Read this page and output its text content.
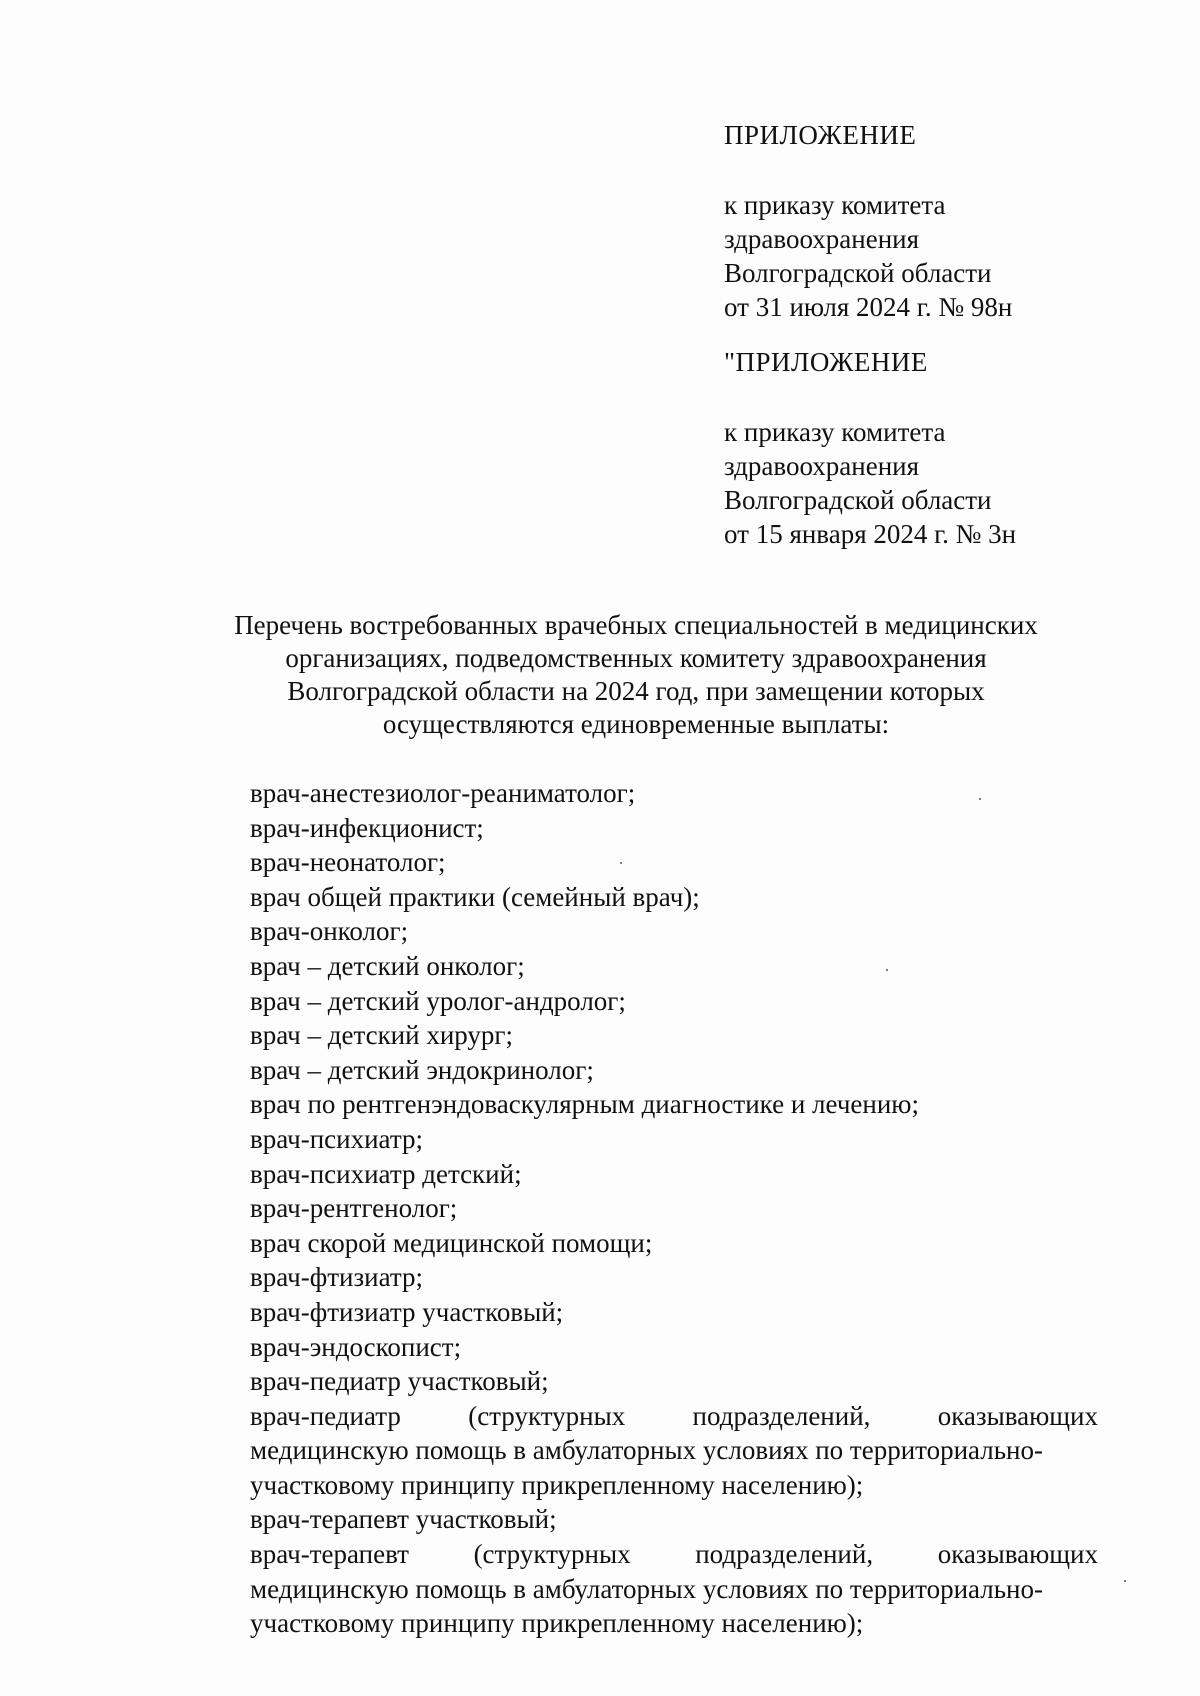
ПРИЛОЖЕНИЕ
к приказу комитета
здравоохранения
Волгоградской области
от 31 июля 2024 г. № 98н
"ПРИЛОЖЕНИЕ
к приказу комитета
здравоохранения
Волгоградской области
от 15 января 2024 г. № 3н
Перечень востребованных врачебных специальностей в медицинских
организациях, подведомственных комитету здравоохранения
Волгоградской области на 2024 год, при замещении которых
осуществляются единовременные выплаты:
врач-анестезиолог-реаниматолог;
врач-инфекционист;
врач-неонатолог;
врач общей практики (семейный врач);
врач-онколог;
врач – детский онколог;
врач – детский уролог-андролог;
врач – детский хирург;
врач – детский эндокринолог;
врач по рентгенэндоваскулярным диагностике и лечению;
врач-психиатр;
врач-психиатр детский;
врач-рентгенолог;
врач скорой медицинской помощи;
врач-фтизиатр;
врач-фтизиатр участковый;
врач-эндоскопист;
врач-педиатр участковый;
врач-педиатр (структурных подразделений, оказывающих
медицинскую помощь в амбулаторных условиях по территориально-
участковому принципу прикрепленному населению);
врач-терапевт участковый;
врач-терапевт (структурных подразделений, оказывающих
медицинскую помощь в амбулаторных условиях по территориально-
участковому принципу прикрепленному населению);
